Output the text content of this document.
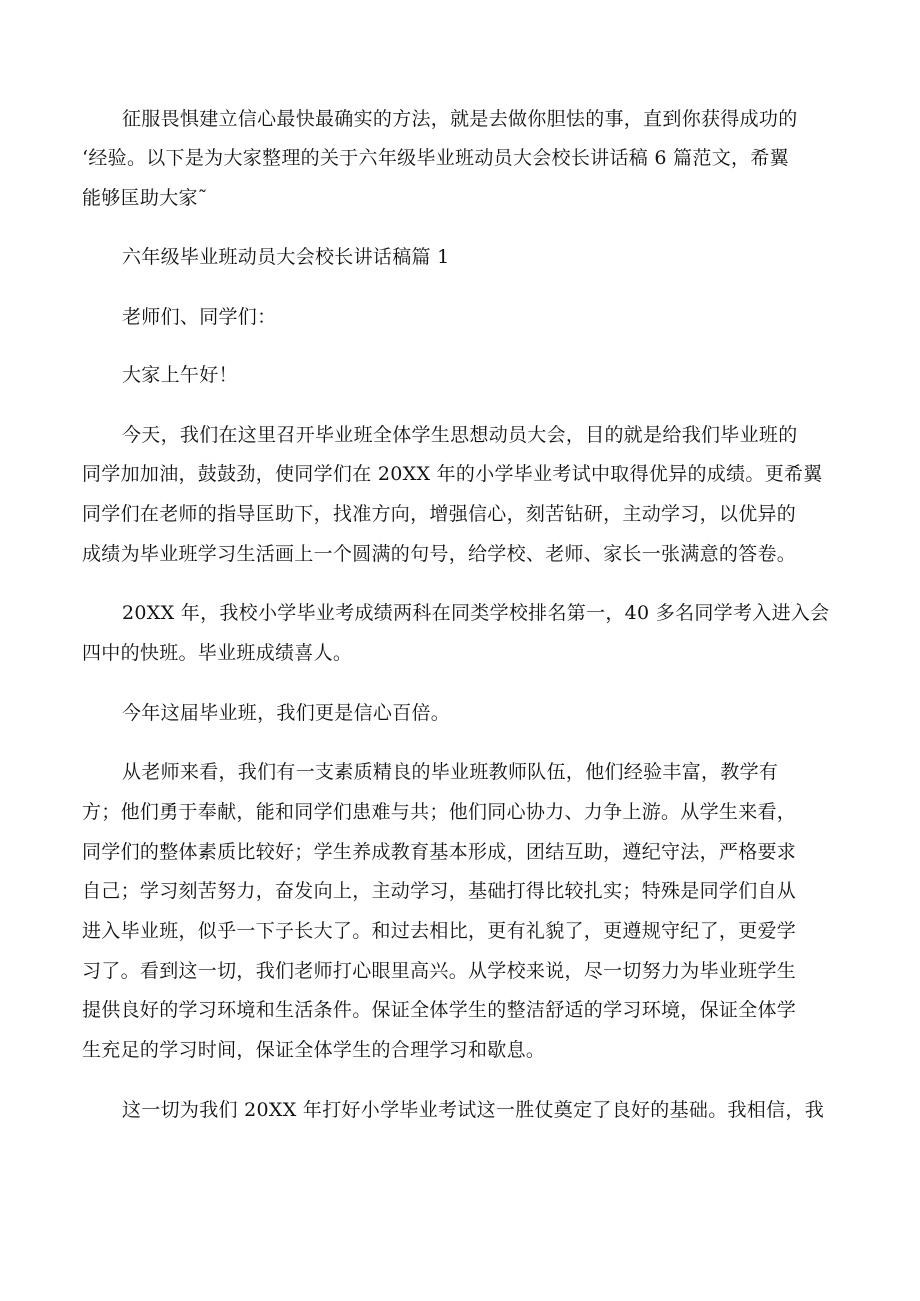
征服畏惧建立信心最快最确实的方法，就是去做你胆怯的事，直到你获得成功的
‘经验。以下是为大家整理的关于六年级毕业班动员大会校长讲话稿 6 篇范文，希翼
能够匡助大家˜
六年级毕业班动员大会校长讲话稿篇 1
老师们、同学们：
大家上午好！
今天，我们在这里召开毕业班全体学生思想动员大会，目的就是给我们毕业班的
同学加加油，鼓鼓劲，使同学们在 20XX 年的小学毕业考试中取得优异的成绩。更希翼
同学们在老师的指导匡助下，找准方向，增强信心，刻苦钻研，主动学习，以优异的
成绩为毕业班学习生活画上一个圆满的句号，给学校、老师、家长一张满意的答卷。
20XX 年，我校小学毕业考成绩两科在同类学校排名第一，40 多名同学考入进入会
四中的快班。毕业班成绩喜人。
今年这届毕业班，我们更是信心百倍。
从老师来看，我们有一支素质精良的毕业班教师队伍，他们经验丰富，教学有
方；他们勇于奉献，能和同学们患难与共；他们同心协力、力争上游。从学生来看，
同学们的整体素质比较好；学生养成教育基本形成，团结互助，遵纪守法，严格要求
自己；学习刻苦努力，奋发向上，主动学习，基础打得比较扎实；特殊是同学们自从
进入毕业班，似乎一下子长大了。和过去相比，更有礼貌了，更遵规守纪了，更爱学
习了。看到这一切，我们老师打心眼里高兴。从学校来说，尽一切努力为毕业班学生
提供良好的学习环境和生活条件。保证全体学生的整洁舒适的学习环境，保证全体学
生充足的学习时间，保证全体学生的合理学习和歇息。
这一切为我们 20XX 年打好小学毕业考试这一胜仗奠定了良好的基础。我相信，我
